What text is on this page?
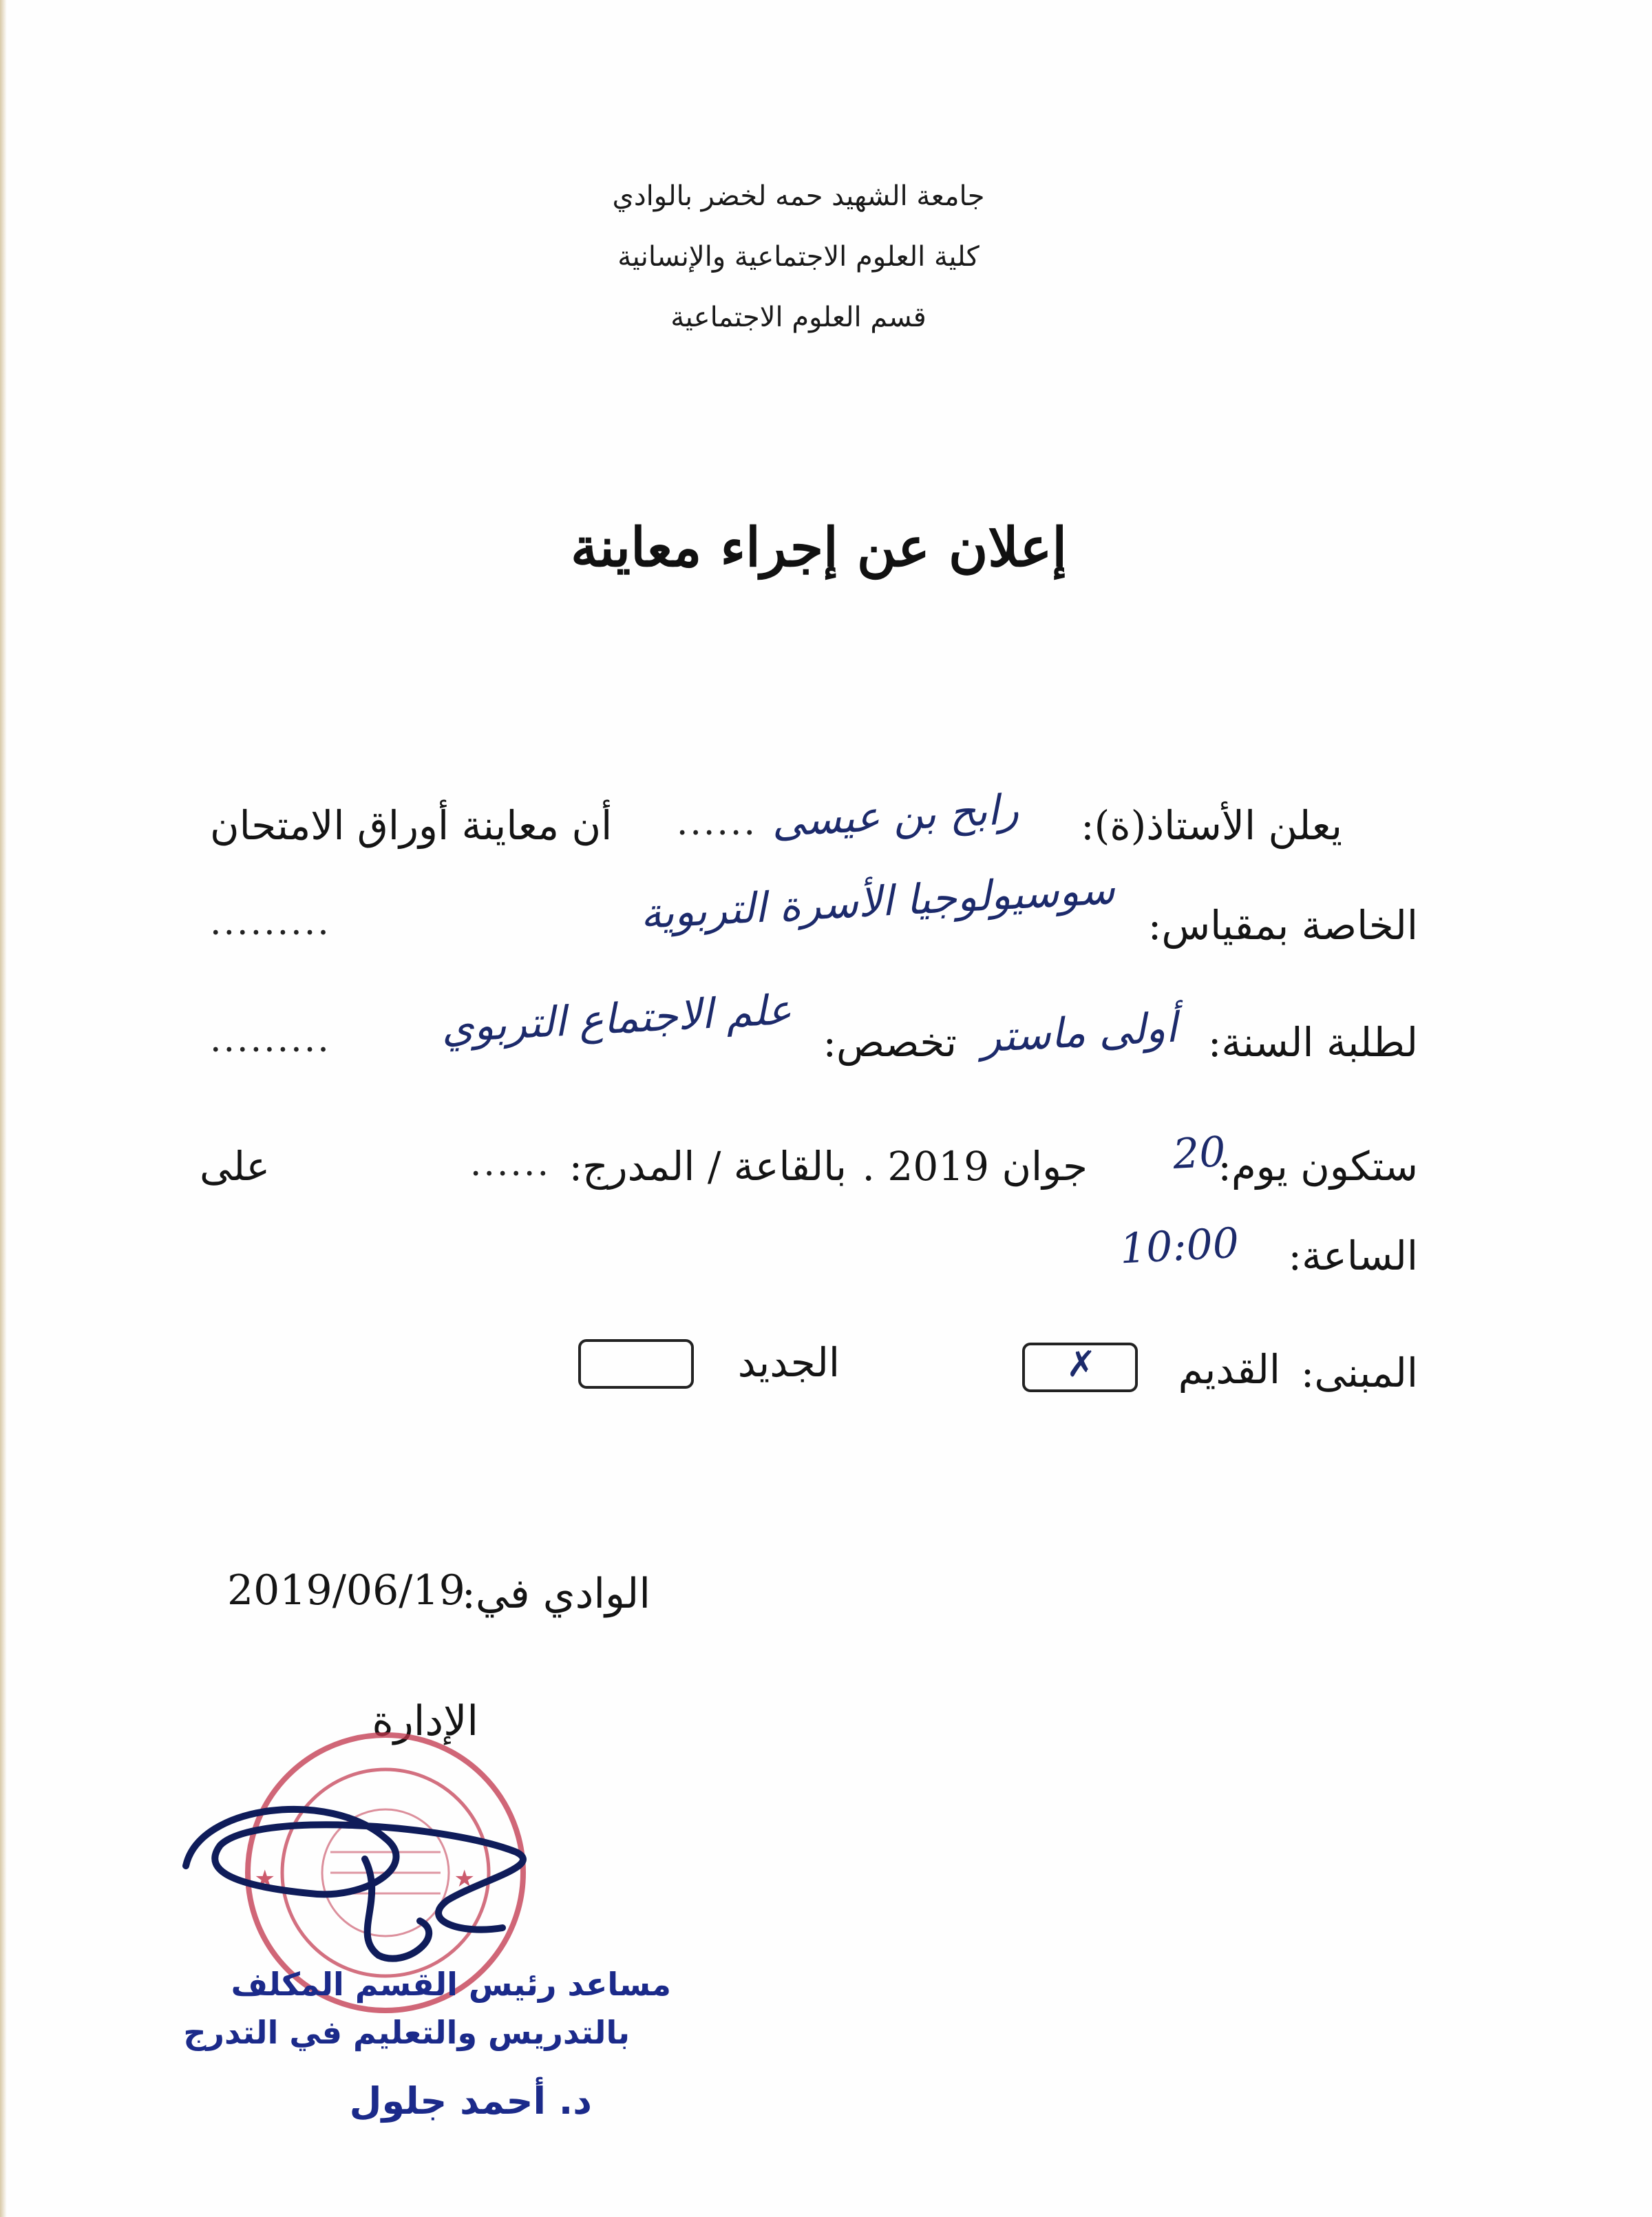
جامعة الشهيد حمه لخضر بالوادي
كلية العلوم الاجتماعية والإنسانية
قسم العلوم الاجتماعية
إعلان عن إجراء معاينة
يعلن الأستاذ(ة):
رابح بن عيسى
......
أن معاينة أوراق الامتحان
الخاصة بمقياس:
سوسيولوجيا الأسرة التربوية
.........
لطلبة السنة:
أولى ماستر
تخصص:
علم الاجتماع التربوي
.........
ستكون يوم:
20
جوان 2019 .
بالقاعة / المدرج:
......
على
الساعة:
10:00
المبنى:
القديم
✗
الجديد
الوادي في:
2019/06/19
الإدارة
★	★
مساعد رئيس القسم المكلف
بالتدريس والتعليم في التدرج
د. أحمد جلول
